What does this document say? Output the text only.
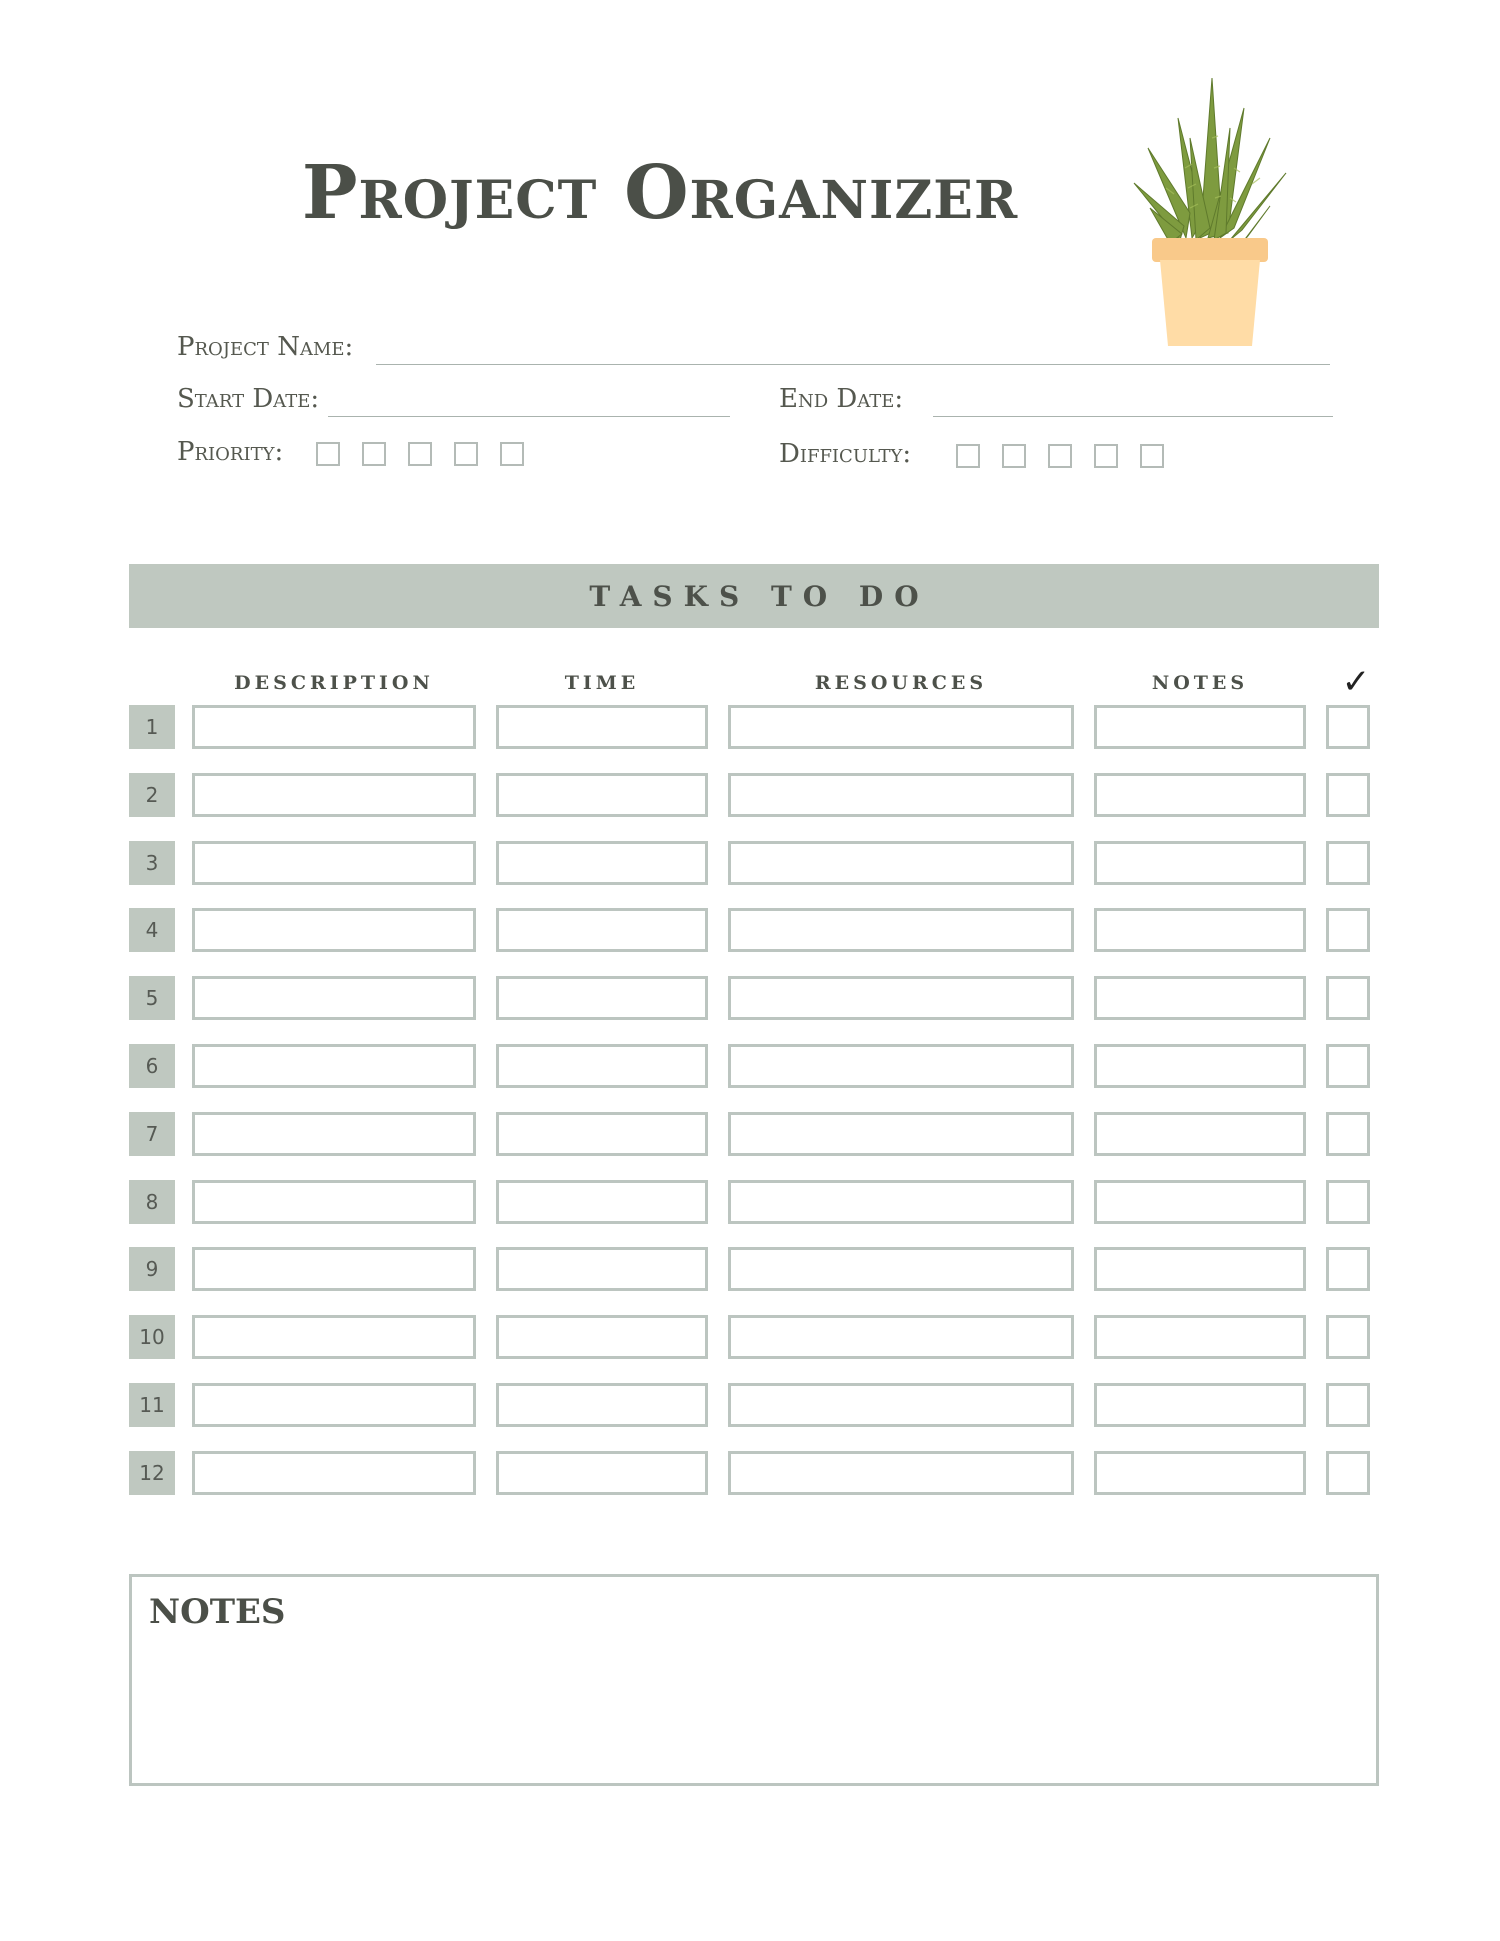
Project Organizer
Project Name:
Start Date:	End Date:
Priority:	Difficulty:
TASKS TO DO
DESCRIPTION	TIME	RESOURCES	NOTES	✓
1
2
3
4
5
6
7
8
9
10
11
12
NOTES
